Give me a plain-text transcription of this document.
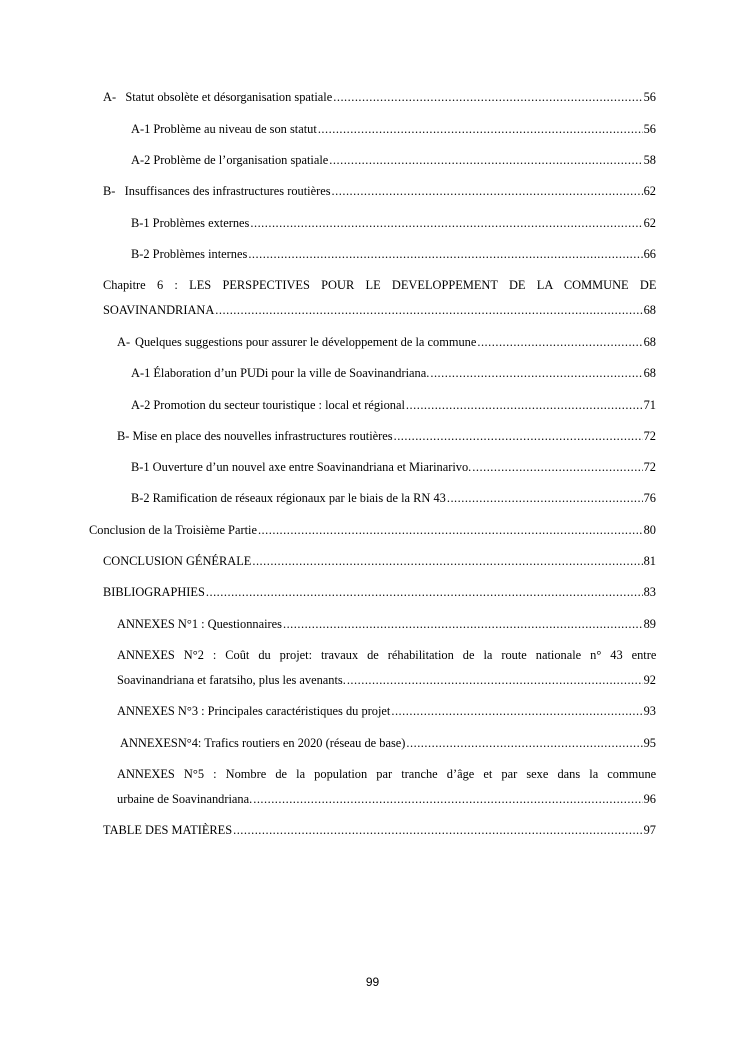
A- Statut obsolète et désorganisation spatiale .....	56
A-1 Problème au niveau de son statut .....	56
A-2 Problème de l’organisation spatiale .....	58
B- Insuffisances des infrastructures routières .....	62
B-1 Problèmes externes .....	62
B-2 Problèmes internes .....	66
Chapitre 6 : LES PERSPECTIVES POUR LE DEVELOPPEMENT DE LA COMMUNE DE
SOAVINANDRIANA .....	68
A- Quelques suggestions pour assurer le développement de la commune .....	68
A-1 Élaboration d’un PUDi pour la ville de Soavinandriana. .....	68
A-2 Promotion du secteur touristique : local et régional .....	71
B- Mise en place des nouvelles infrastructures routières .....	72
B-1 Ouverture d’un nouvel axe entre Soavinandriana et Miarinarivo. .....	72
B-2 Ramification de réseaux régionaux par le biais de la RN 43 .....	76
Conclusion de la Troisième Partie .....	80
CONCLUSION GÉNÉRALE .....	81
BIBLIOGRAPHIES .....	83
ANNEXES N°1 : Questionnaires .....	89
ANNEXES N°2 : Coût du projet: travaux de réhabilitation de la route nationale n° 43 entre
Soavinandriana et faratsiho, plus les avenants. .....	92
ANNEXES N°3 : Principales caractéristiques du projet .....	93
ANNEXESN°4: Trafics routiers en 2020 (réseau de base) .....	95
ANNEXES N°5 : Nombre de la population par tranche d’âge et par sexe dans la commune
urbaine de Soavinandriana. .....	96
TABLE DES MATIÈRES .....	97
99
